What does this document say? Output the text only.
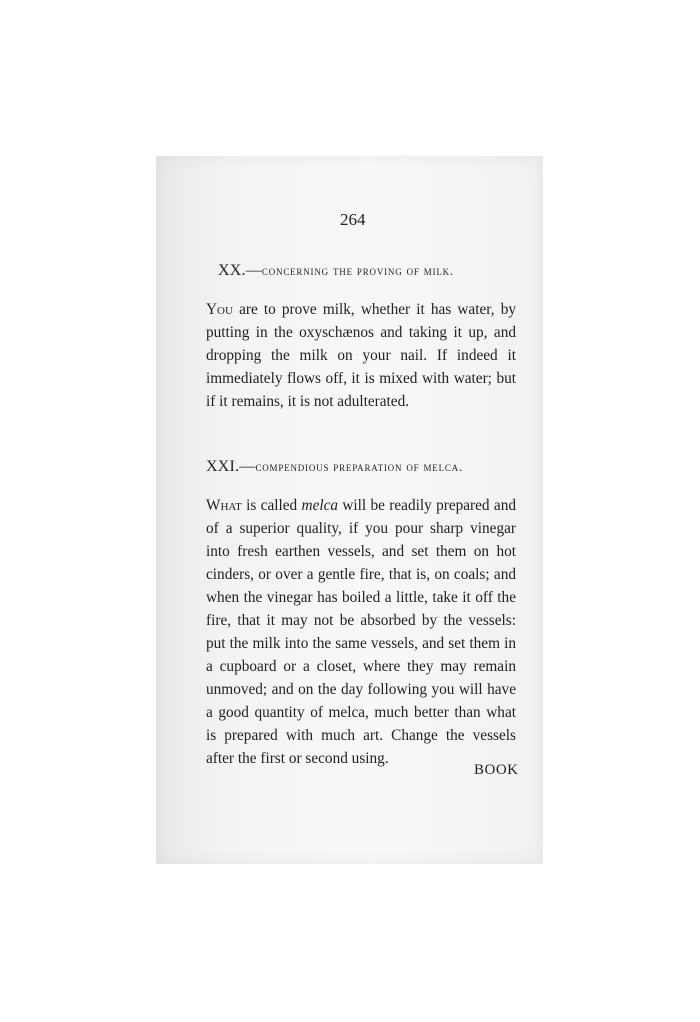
264
XX.—concerning the proving of milk.
You are to prove milk, whether it has water, by putting in the oxyschænos and taking it up, and dropping the milk on your nail. If indeed it immediately flows off, it is mixed with water; but if it remains, it is not adulterated.
XXI.—compendious preparation of melca.
What is called melca will be readily prepared and of a superior quality, if you pour sharp vinegar into fresh earthen vessels, and set them on hot cinders, or over a gentle fire, that is, on coals; and when the vinegar has boiled a little, take it off the fire, that it may not be absorbed by the vessels: put the milk into the same vessels, and set them in a cupboard or a closet, where they may remain unmoved; and on the day following you will have a good quantity of melca, much better than what is prepared with much art. Change the vessels after the first or second using.
BOOK
